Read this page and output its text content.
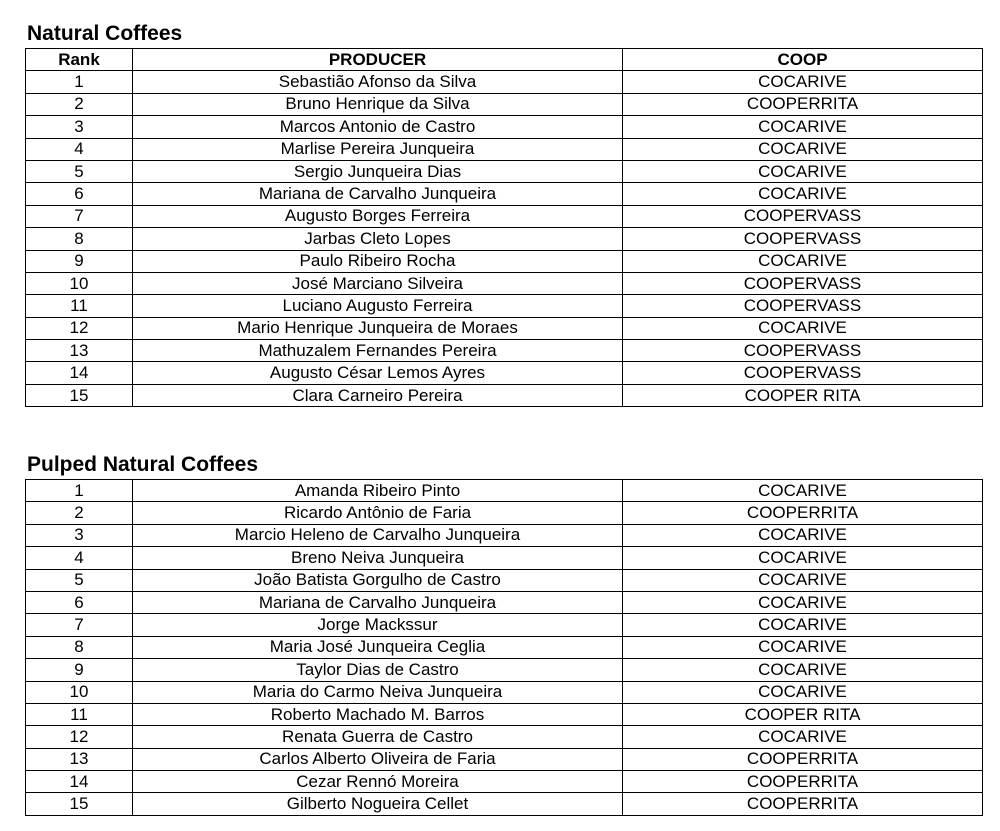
Natural Coffees
Rank	PRODUCER	COOP
1	Sebastião Afonso da Silva	COCARIVE
2	Bruno Henrique da Silva	COOPERRITA
3	Marcos Antonio de Castro	COCARIVE
4	Marlise Pereira Junqueira	COCARIVE
5	Sergio Junqueira Dias	COCARIVE
6	Mariana de Carvalho Junqueira	COCARIVE
7	Augusto Borges Ferreira	COOPERVASS
8	Jarbas Cleto Lopes	COOPERVASS
9	Paulo Ribeiro Rocha	COCARIVE
10	José Marciano Silveira	COOPERVASS
11	Luciano Augusto Ferreira	COOPERVASS
12	Mario Henrique Junqueira de Moraes	COCARIVE
13	Mathuzalem Fernandes Pereira	COOPERVASS
14	Augusto César Lemos Ayres	COOPERVASS
15	Clara Carneiro Pereira	COOPER RITA
Pulped Natural Coffees
1	Amanda Ribeiro Pinto	COCARIVE
2	Ricardo Antônio de Faria	COOPERRITA
3	Marcio Heleno de Carvalho Junqueira	COCARIVE
4	Breno Neiva Junqueira	COCARIVE
5	João Batista Gorgulho de Castro	COCARIVE
6	Mariana de Carvalho Junqueira	COCARIVE
7	Jorge Mackssur	COCARIVE
8	Maria José Junqueira Ceglia	COCARIVE
9	Taylor Dias de Castro	COCARIVE
10	Maria do Carmo Neiva Junqueira	COCARIVE
11	Roberto Machado M. Barros	COOPER RITA
12	Renata Guerra de Castro	COCARIVE
13	Carlos Alberto Oliveira de Faria	COOPERRITA
14	Cezar Rennó Moreira	COOPERRITA
15	Gilberto Nogueira Cellet	COOPERRITA
